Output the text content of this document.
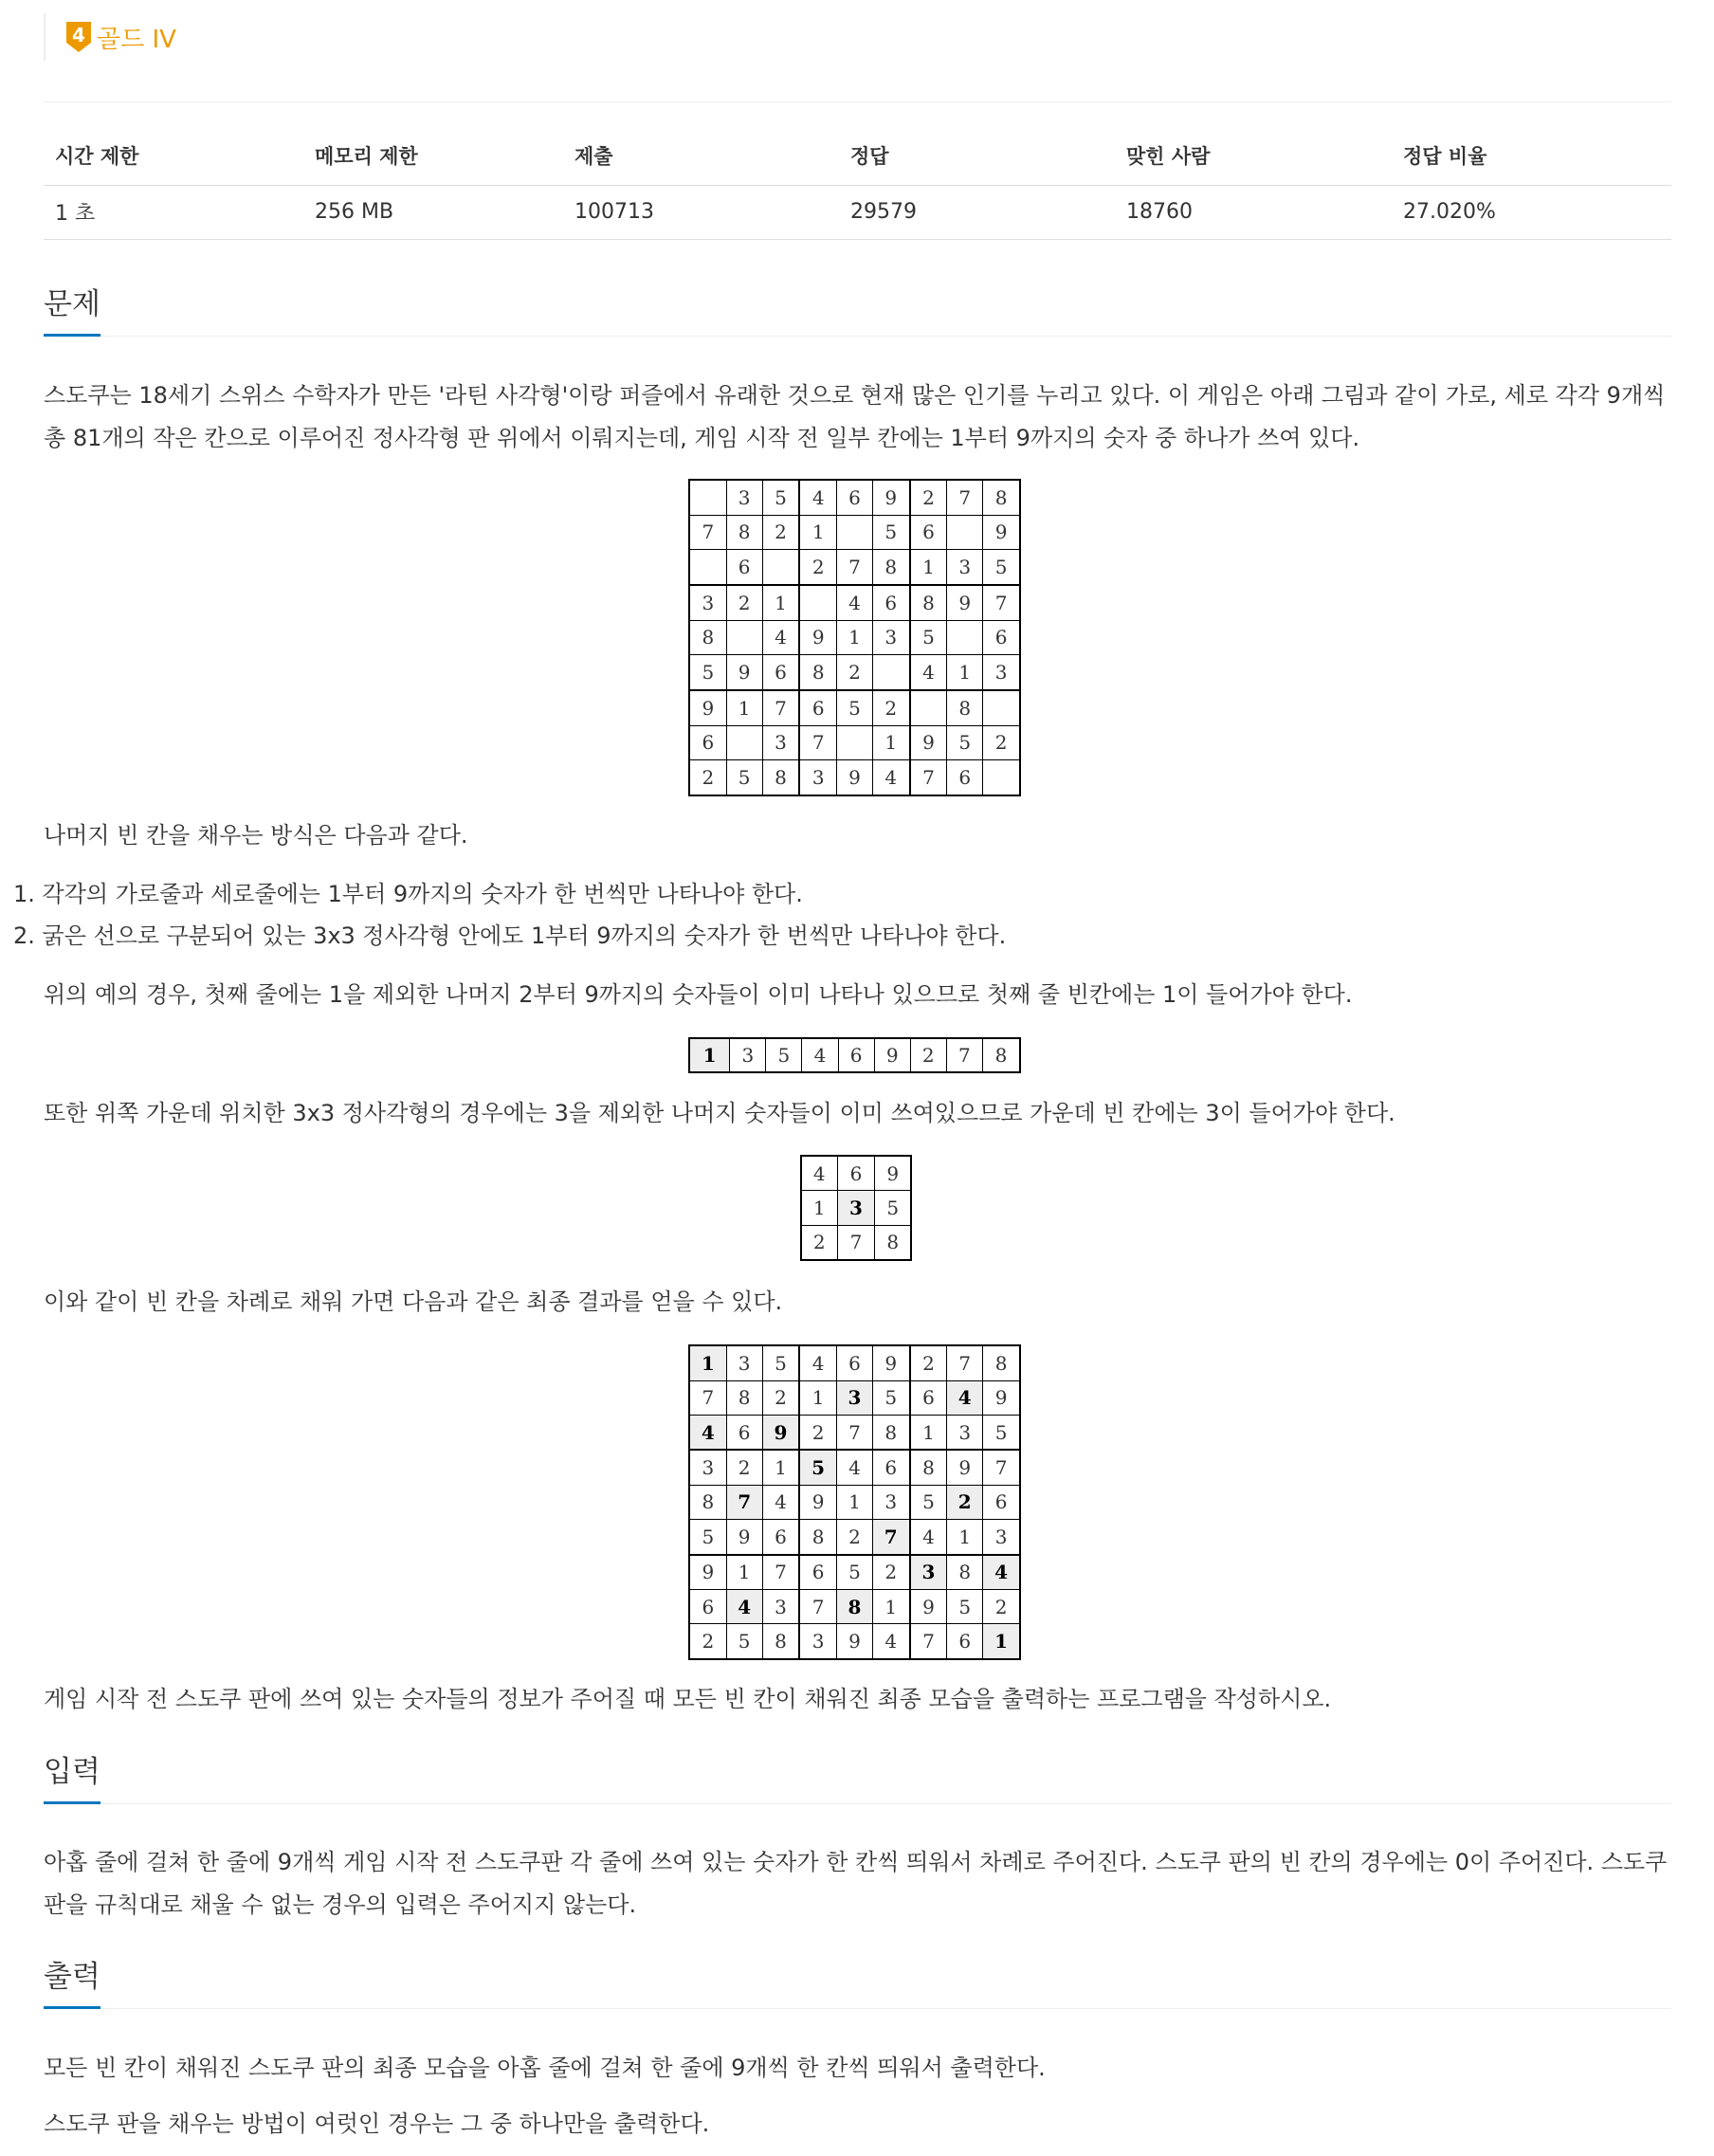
4 골드 IV
시간 제한	메모리 제한	제출	정답	맞힌 사람	정답 비율
1 초	256 MB	100713	29579	18760	27.020%
문제

스도쿠는 18세기 스위스 수학자가 만든 '라틴 사각형'이랑 퍼즐에서 유래한 것으로 현재 많은 인기를 누리고 있다. 이 게임은 아래 그림과 같이 가로, 세로 각각 9개씩 총 81개의 작은 칸으로 이루어진 정사각형 판 위에서 이뤄지는데, 게임 시작 전 일부 칸에는 1부터 9까지의 숫자 중 하나가 쓰여 있다.

	3	5	4	6	9	2	7	8
7	8	2	1		5	6		9
	6		2	7	8	1	3	5
3	2	1		4	6	8	9	7
8		4	9	1	3	5		6
5	9	6	8	2		4	1	3
9	1	7	6	5	2		8	
6		3	7		1	9	5	2
2	5	8	3	9	4	7	6	

나머지 빈 칸을 채우는 방식은 다음과 같다.

1. 각각의 가로줄과 세로줄에는 1부터 9까지의 숫자가 한 번씩만 나타나야 한다.
2. 굵은 선으로 구분되어 있는 3x3 정사각형 안에도 1부터 9까지의 숫자가 한 번씩만 나타나야 한다.

위의 예의 경우, 첫째 줄에는 1을 제외한 나머지 2부터 9까지의 숫자들이 이미 나타나 있으므로 첫째 줄 빈칸에는 1이 들어가야 한다.

1	3	5	4	6	9	2	7	8

또한 위쪽 가운데 위치한 3x3 정사각형의 경우에는 3을 제외한 나머지 숫자들이 이미 쓰여있으므로 가운데 빈 칸에는 3이 들어가야 한다.

4	6	9
1	3	5
2	7	8

이와 같이 빈 칸을 차례로 채워 가면 다음과 같은 최종 결과를 얻을 수 있다.

1	3	5	4	6	9	2	7	8
7	8	2	1	3	5	6	4	9
4	6	9	2	7	8	1	3	5
3	2	1	5	4	6	8	9	7
8	7	4	9	1	3	5	2	6
5	9	6	8	2	7	4	1	3
9	1	7	6	5	2	3	8	4
6	4	3	7	8	1	9	5	2
2	5	8	3	9	4	7	6	1

게임 시작 전 스도쿠 판에 쓰여 있는 숫자들의 정보가 주어질 때 모든 빈 칸이 채워진 최종 모습을 출력하는 프로그램을 작성하시오.

입력

아홉 줄에 걸쳐 한 줄에 9개씩 게임 시작 전 스도쿠판 각 줄에 쓰여 있는 숫자가 한 칸씩 띄워서 차례로 주어진다. 스도쿠 판의 빈 칸의 경우에는 0이 주어진다. 스도쿠 판을 규칙대로 채울 수 없는 경우의 입력은 주어지지 않는다.

출력

모든 빈 칸이 채워진 스도쿠 판의 최종 모습을 아홉 줄에 걸쳐 한 줄에 9개씩 한 칸씩 띄워서 출력한다.

스도쿠 판을 채우는 방법이 여럿인 경우는 그 중 하나만을 출력한다.
